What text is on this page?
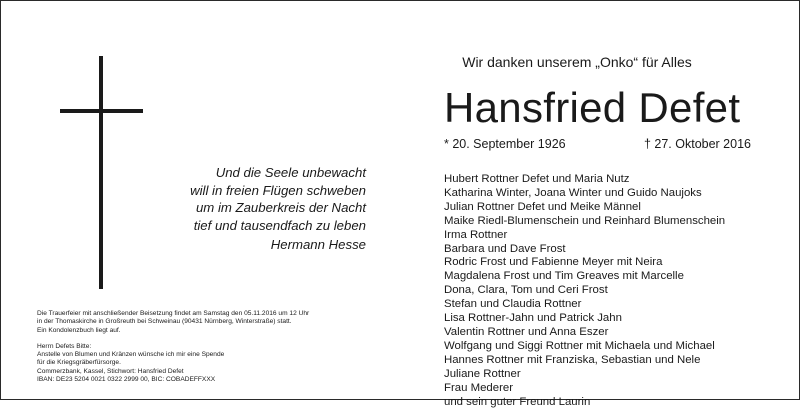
Und die Seele unbewacht
will in freien Flügen schweben
um im Zauberkreis der Nacht
tief und tausendfach zu leben
Hermann Hesse
Wir danken unserem „Onko“ für Alles
Hansfried Defet
* 20. September 1926	† 27. Oktober 2016
Hubert Rottner Defet und Maria Nutz
Katharina Winter, Joana Winter und Guido Naujoks
Julian Rottner Defet und Meike Männel
Maike Riedl-Blumenschein und Reinhard Blumenschein
Irma Rottner
Barbara und Dave Frost
Rodric Frost und Fabienne Meyer mit Neira
Magdalena Frost und Tim Greaves mit Marcelle
Dona, Clara, Tom und Ceri Frost
Stefan und Claudia Rottner
Lisa Rottner-Jahn und Patrick Jahn
Valentin Rottner und Anna Eszer
Wolfgang und Siggi Rottner mit Michaela und Michael
Hannes Rottner mit Franziska, Sebastian und Nele
Juliane Rottner
Frau Mederer
und sein guter Freund Laurin
Die Trauerfeier mit anschließender Beisetzung findet am Samstag den 05.11.2016 um 12 Uhr
in der Thomaskirche in Großreuth bei Schweinau (90431 Nürnberg, Winterstraße) statt.
Ein Kondolenzbuch liegt auf.
Herrn Defets Bitte:
Anstelle von Blumen und Kränzen wünsche ich mir eine Spende
für die Kriegsgräberfürsorge.
Commerzbank, Kassel, Stichwort: Hansfried Defet
IBAN: DE23 5204 0021 0322 2999 00, BIC: COBADEFFXXX
